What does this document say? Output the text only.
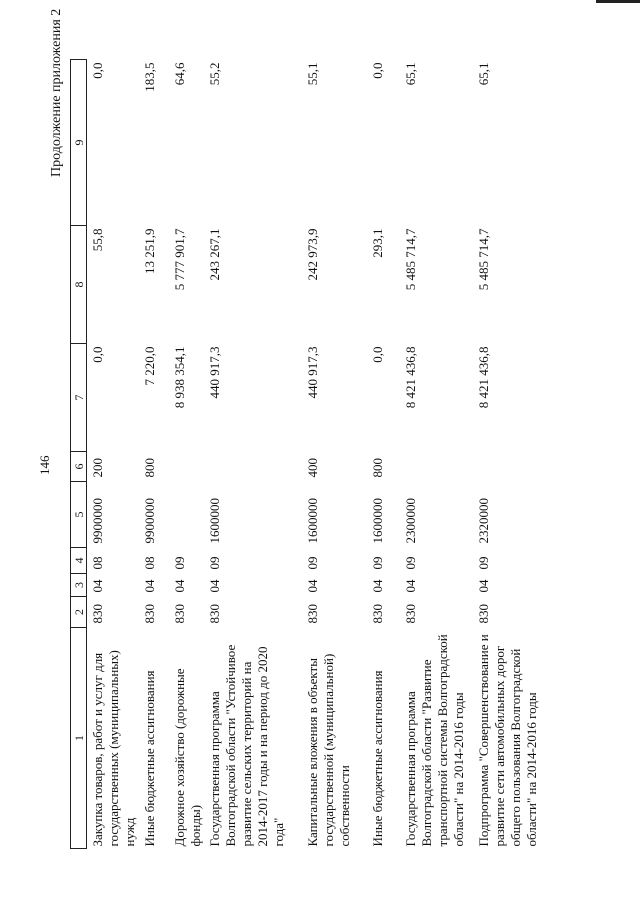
146
Продолжение приложения 2
1	2	3	4	5	6	7	8	9
Закупка товаров, работ и услуг для государственных (муниципальных) нужд	830	04	08	9900000	200	0,0	55,8	0,0
Иные бюджетные ассигнования	830	04	08	9900000	800	7 220,0	13 251,9	183,5
Дорожное хозяйство (дорожные фонды)	830	04	09			8 938 354,1	5 777 901,7	64,6
Государственная программа Волгоградской области "Устойчивое развитие сельских территорий на 2014-2017 годы и на период до 2020 года"	830	04	09	1600000		440 917,3	243 267,1	55,2
Капитальные вложения в объекты государственной (муниципальной) собственности	830	04	09	1600000	400	440 917,3	242 973,9	55,1
Иные бюджетные ассигнования	830	04	09	1600000	800	0,0	293,1	0,0
Государственная программа Волгоградской области "Развитие транспортной системы Волгоградской области" на 2014-2016 годы	830	04	09	2300000		8 421 436,8	5 485 714,7	65,1
Подпрограмма "Совершенствование и развитие сети автомобильных дорог общего пользования Волгоградской области" на 2014-2016 годы	830	04	09	2320000		8 421 436,8	5 485 714,7	65,1
